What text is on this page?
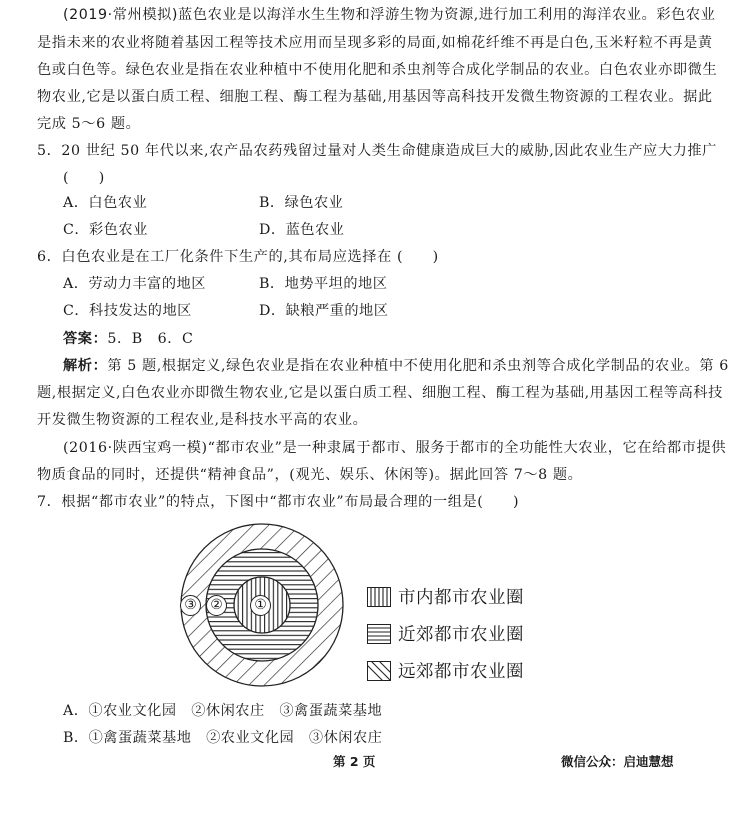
(2019·常州模拟)蓝色农业是以海洋水生生物和浮游生物为资源,进行加工利用的海洋农业。彩色农业
是指未来的农业将随着基因工程等技术应用而呈现多彩的局面,如棉花纤维不再是白色,玉米籽粒不再是黄
色或白色等。绿色农业是指在农业种植中不使用化肥和杀虫剂等合成化学制品的农业。白色农业亦即微生
物农业,它是以蛋白质工程、细胞工程、酶工程为基础,用基因等高科技开发微生物资源的工程农业。据此
完成 5～6 题。
5．20 世纪 50 年代以来,农产品农药残留过量对人类生命健康造成巨大的威胁,因此农业生产应大力推广
(　　)
A．白色农业	B．绿色农业
C．彩色农业	D．蓝色农业
6．白色农业是在工厂化条件下生产的,其布局应选择在 (　　)
A．劳动力丰富的地区	B．地势平坦的地区
C．科技发达的地区	D．缺粮严重的地区
答案：5．B　6．C
解析：第 5 题,根据定义,绿色农业是指在农业种植中不使用化肥和杀虫剂等合成化学制品的农业。第 6
题,根据定义,白色农业亦即微生物农业,它是以蛋白质工程、细胞工程、酶工程为基础,用基因工程等高科技
开发微生物资源的工程农业,是科技水平高的农业。
(2016·陕西宝鸡一模)“都市农业”是一种隶属于都市、服务于都市的全功能性大农业，它在给都市提供
物质食品的同时，还提供“精神食品”，(观光、娱乐、休闲等)。据此回答 7～8 题。
7．根据“都市农业”的特点，下图中“都市农业”布局最合理的一组是(　　)
①
②
③	市内都市农业圈
近郊都市农业圈
远郊都市农业圈
A．①农业文化园　②休闲农庄　③禽蛋蔬菜基地
B．①禽蛋蔬菜基地　②农业文化园　③休闲农庄
第 2 页	微信公众：启迪慧想
